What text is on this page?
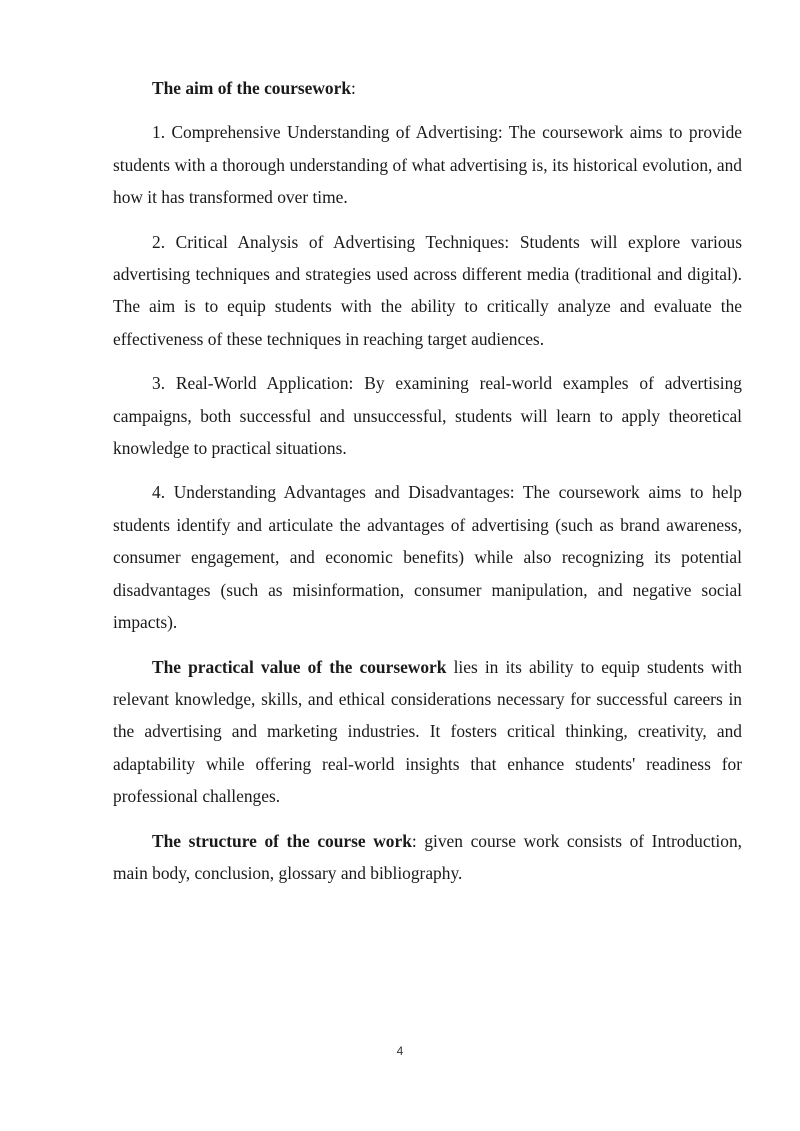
The aim of the coursework:

1. Comprehensive Understanding of Advertising: The coursework aims to provide students with a thorough understanding of what advertising is, its historical evolution, and how it has transformed over time.

2. Critical Analysis of Advertising Techniques: Students will explore various advertising techniques and strategies used across different media (traditional and digital). The aim is to equip students with the ability to critically analyze and evaluate the effectiveness of these techniques in reaching target audiences.

3. Real-World Application: By examining real-world examples of advertising campaigns, both successful and unsuccessful, students will learn to apply theoretical knowledge to practical situations.

4. Understanding Advantages and Disadvantages: The coursework aims to help students identify and articulate the advantages of advertising (such as brand awareness, consumer engagement, and economic benefits) while also recognizing its potential disadvantages (such as misinformation, consumer manipulation, and negative social impacts).

The practical value of the coursework lies in its ability to equip students with relevant knowledge, skills, and ethical considerations necessary for successful careers in the advertising and marketing industries. It fosters critical thinking, creativity, and adaptability while offering real-world insights that enhance students' readiness for professional challenges.

The structure of the course work: given course work consists of Introduction, main body, conclusion, glossary and bibliography.

4
